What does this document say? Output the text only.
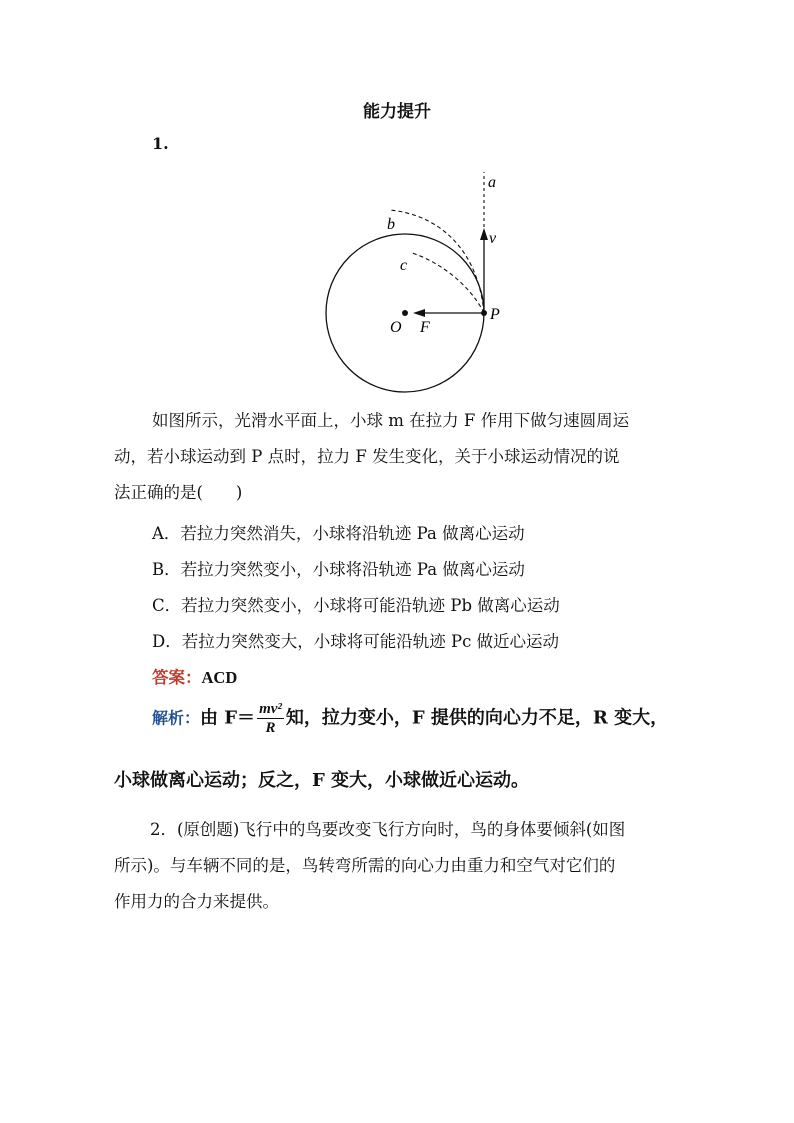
能力提升
1.
a
b
c
v
O F
P
如图所示，光滑水平面上，小球 m 在拉力 F 作用下做匀速圆周运
动，若小球运动到 P 点时，拉力 F 发生变化，关于小球运动情况的说
法正确的是(　　)
A．若拉力突然消失，小球将沿轨迹 Pa 做离心运动
B．若拉力突然变小，小球将沿轨迹 Pa 做离心运动
C．若拉力突然变小，小球将可能沿轨迹 Pb 做离心运动
D．若拉力突然变大，小球将可能沿轨迹 Pc 做近心运动
答案：ACD
解析：由 $F= \frac{\text{mv²}}{R}$ 知，拉力变小，F 提供的向心力不足，R 变大，
小球做离心运动；反之，F 变大，小球做近心运动。
2．(原创题)飞行中的鸟要改变飞行方向时，鸟的身体要倾斜(如图
所示)。与车辆不同的是，鸟转弯所需的向心力由重力和空气对它们的
作用力的合力来提供。
